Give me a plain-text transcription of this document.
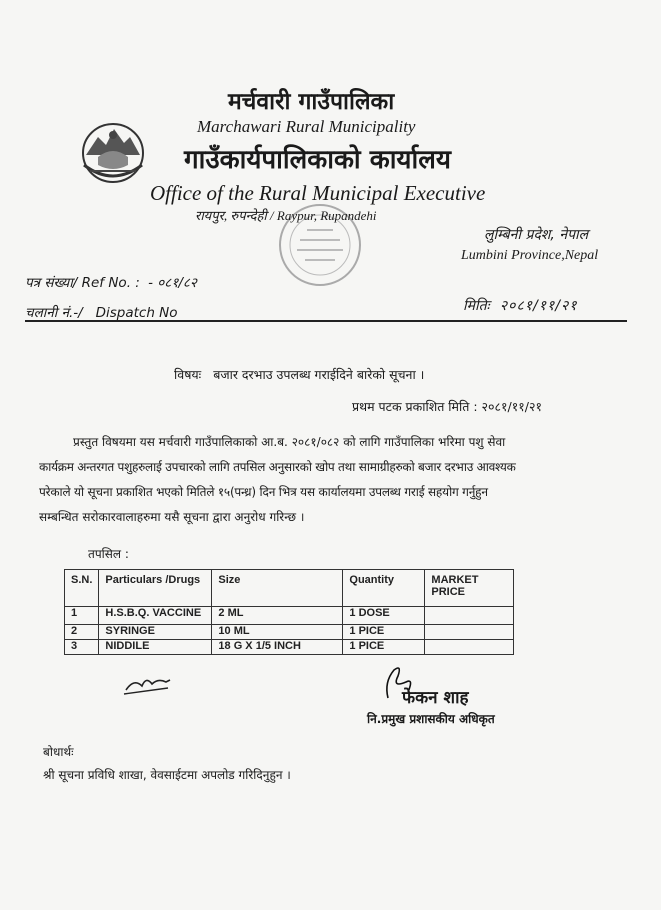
मर्चवारी गाउँपालिका
Marchawari Rural Municipality
गाउँकार्यपालिकाको कार्यालय
Office of the Rural Municipal Executive
रायपुर, रुपन्देही / Raypur, Rupandehi
लुम्बिनी प्रदेश, नेपाल
Lumbini Province,Nepal
पत्र संख्या/ Ref No. : - ०८१/८२
चलानी नं.-/   Dispatch No	मितिः २०८१/११/२१
विषयः बजार दरभाउ उपलब्ध गराईदिने बारेको सूचना ।
प्रथम पटक प्रकाशित मिति : २०८१/११/२१
प्रस्तुत विषयमा यस मर्चवारी गाउँपालिकाको आ.ब. २०८१/०८२ को लागि गाउँपालिका भरिमा पशु सेवा
कार्यक्रम अन्तरगत पशुहरुलाई उपचारको लागि तपसिल अनुसारको खोप तथा सामाग्रीहरुको बजार दरभाउ आवश्यक
परेकाले यो सूचना प्रकाशित भएको मितिले १५(पन्ध्र) दिन भित्र यस कार्यालयमा उपलब्ध गराई सहयोग गर्नुहुन
सम्बन्धित सरोकारवालाहरुमा यसै सूचना द्वारा अनुरोध गरिन्छ ।
तपसिल :
S.N.	Particulars /Drugs	Size	Quantity	MARKET PRICE
1	H.S.B.Q. VACCINE	2 ML	1 DOSE	
2	SYRINGE	10 ML	1 PICE	
3	NIDDILE	18 G X 1/5 INCH	1 PICE	
फेकन शाह
नि.प्रमुख प्रशासकीय अधिकृत
बोधार्थः
श्री सूचना प्रविधि शाखा, वेवसाईटमा अपलोड गरिदिनुहुन ।
